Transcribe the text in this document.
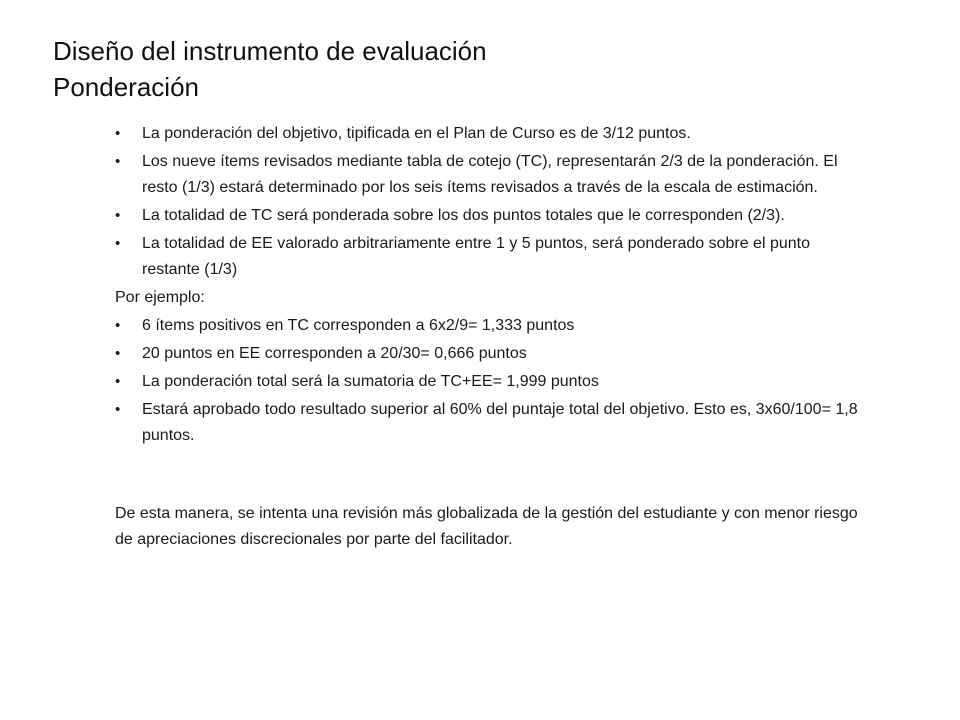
Diseño del instrumento de evaluación
Ponderación
• La ponderación del objetivo, tipificada en el Plan de Curso es de 3/12 puntos.
• Los nueve ítems revisados mediante tabla de cotejo (TC), representarán 2/3 de la ponderación. El resto (1/3) estará determinado por los seis ítems revisados a través de la escala de estimación.
• La totalidad de TC será ponderada sobre los dos puntos totales que le corresponden (2/3).
• La totalidad de EE valorado arbitrariamente entre 1 y 5 puntos, será ponderado sobre el punto restante (1/3)

Por ejemplo:

• 6 ítems positivos en TC corresponden a 6x2/9= 1,333 puntos
• 20 puntos en EE corresponden a 20/30= 0,666 puntos
• La ponderación total será la sumatoria de TC+EE= 1,999 puntos
• Estará aprobado todo resultado superior al 60% del puntaje total del objetivo. Esto es, 3x60/100= 1,8 puntos.

De esta manera, se intenta una revisión más globalizada de la gestión del estudiante y con menor riesgo de apreciaciones discrecionales por parte del facilitador.
